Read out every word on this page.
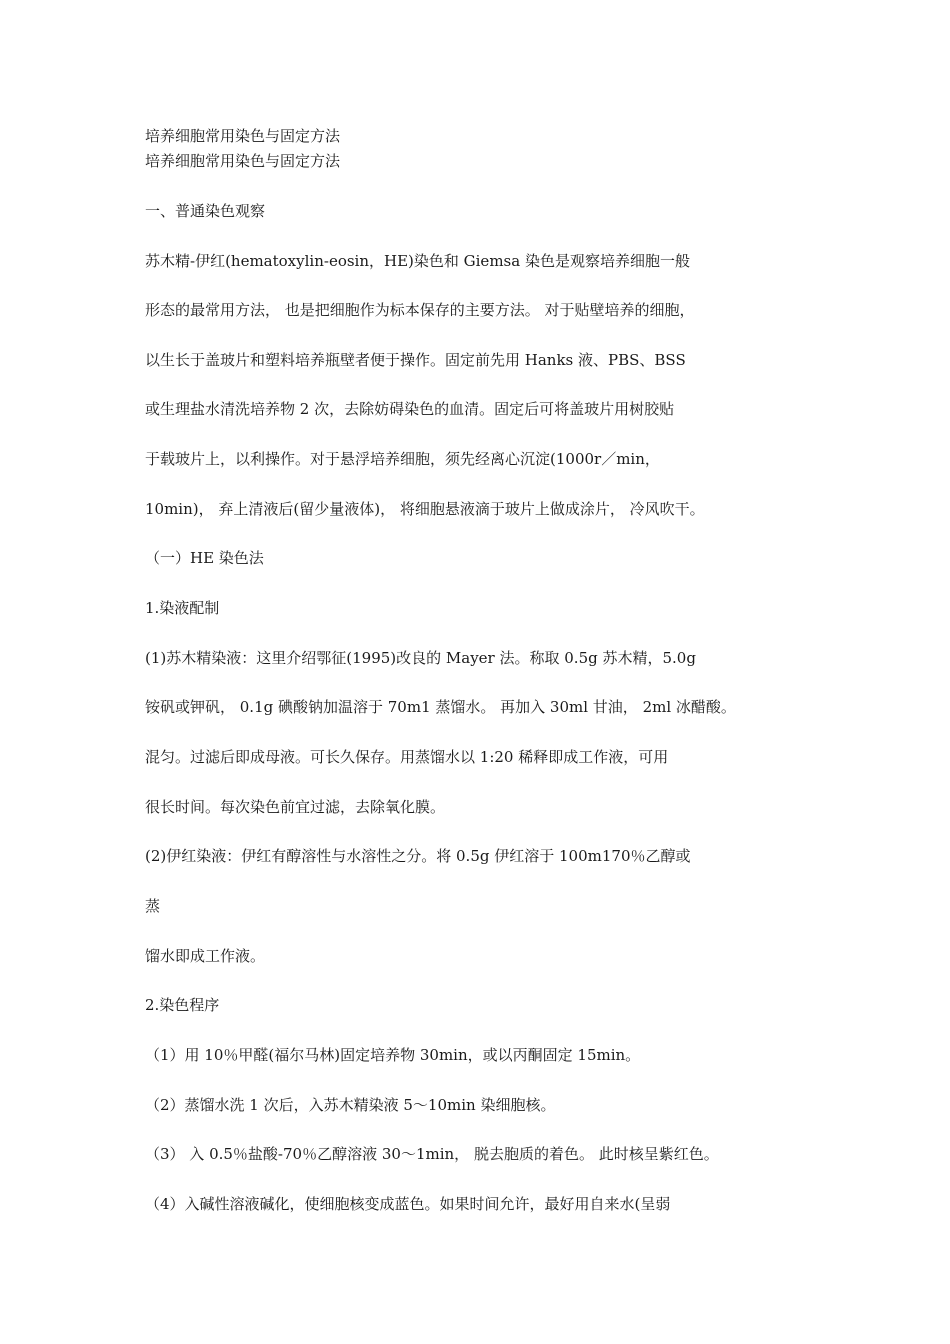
培养细胞常用染色与固定方法
培养细胞常用染色与固定方法
一、普通染色观察
苏木精-伊红(hematoxylin-eosin，HE)染色和 Giemsa 染色是观察培养细胞一般
形态的最常用方法， 也是把细胞作为标本保存的主要方法。 对于贴壁培养的细胞，
以生长于盖玻片和塑料培养瓶壁者便于操作。固定前先用 Hanks 液、PBS、BSS
或生理盐水清洗培养物 2 次，去除妨碍染色的血清。固定后可将盖玻片用树胶贴
于载玻片上，以利操作。对于悬浮培养细胞，须先经离心沉淀(1000r／min，
10min)， 弃上清液后(留少量液体)， 将细胞悬液滴于玻片上做成涂片， 冷风吹干。
（一）HE 染色法
1.染液配制
(1)苏木精染液：这里介绍鄂征(1995)改良的 Mayer 法。称取 0.5g 苏木精，5.0g
铵矾或钾矾， 0.1g 碘酸钠加温溶于 70m1 蒸馏水。 再加入 30ml 甘油， 2ml 冰醋酸。
混匀。过滤后即成母液。可长久保存。用蒸馏水以 1:20 稀释即成工作液，可用
很长时间。每次染色前宜过滤，去除氧化膜。
(2)伊红染液：伊红有醇溶性与水溶性之分。将 0.5g 伊红溶于 100m170％乙醇或
蒸
馏水即成工作液。
2.染色程序
（1）用 10％甲醛(福尔马林)固定培养物 30min，或以丙酮固定 15min。
（2）蒸馏水洗 1 次后，入苏木精染液 5～10min 染细胞核。
（3） 入 0.5％盐酸-70％乙醇溶液 30～1min， 脱去胞质的着色。 此时核呈紫红色。
（4）入碱性溶液碱化，使细胞核变成蓝色。如果时间允许，最好用自来水(呈弱
